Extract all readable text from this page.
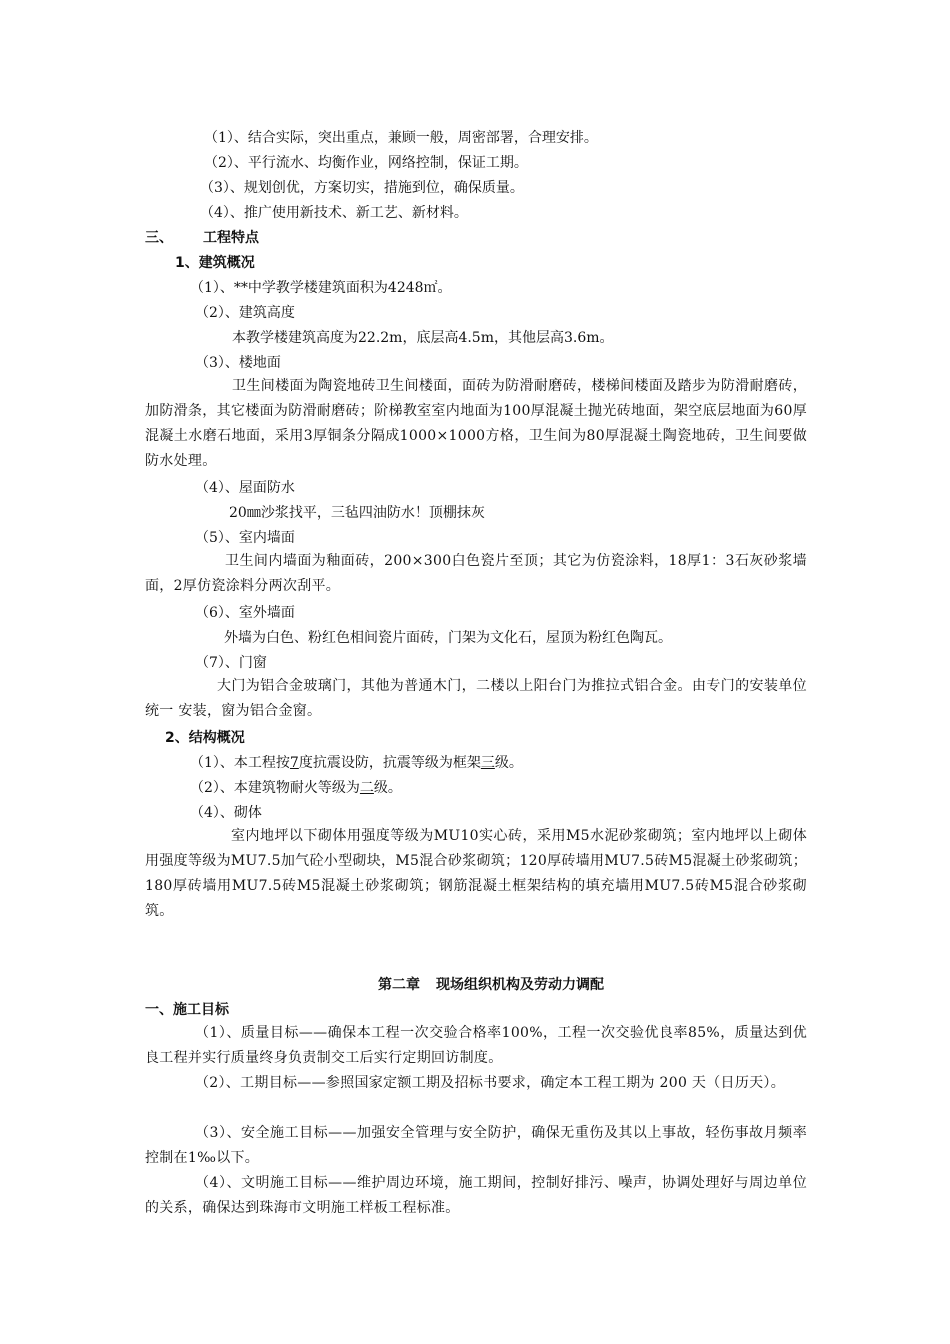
（1）、结合实际，突出重点，兼顾一般，周密部署，合理安排。
（2）、平行流水、均衡作业，网络控制，保证工期。
（3）、规划创优，方案切实，措施到位，确保质量。
（4）、推广使用新技术、新工艺、新材料。
三、 工程特点
1、建筑概况
（1）、**中学教学楼建筑面积为4248㎡。
（2）、建筑高度
本教学楼建筑高度为22.2m，底层高4.5m，其他层高3.6m。
（3）、楼地面
卫生间楼面为陶瓷地砖卫生间楼面，面砖为防滑耐磨砖，楼梯间楼面及踏步为防滑耐磨砖，加防滑条，其它楼面为防滑耐磨砖；阶梯教室室内地面为100厚混凝土抛光砖地面，架空底层地面为60厚混凝土水磨石地面，采用3厚铜条分隔成1000×1000方格，卫生间为80厚混凝土陶瓷地砖，卫生间要做防水处理。
（4）、屋面防水
20㎜沙浆找平，三毡四油防水！顶棚抹灰
（5）、室内墙面
卫生间内墙面为釉面砖，200×300白色瓷片至顶；其它为仿瓷涂料，18厚1：3石灰砂浆墙面，2厚仿瓷涂料分两次刮平。
（6）、室外墙面
外墙为白色、粉红色相间瓷片面砖，门架为文化石，屋顶为粉红色陶瓦。
（7）、门窗
大门为铝合金玻璃门，其他为普通木门，二楼以上阳台门为推拉式铝合金。由专门的安装单位统一 安装，窗为铝合金窗。
2、结构概况
（1）、本工程按7度抗震设防，抗震等级为框架三级。
（2）、本建筑物耐火等级为二级。
（4）、砌体
室内地坪以下砌体用强度等级为MU10实心砖，采用M5水泥砂浆砌筑；室内地坪以上砌体用强度等级为MU7.5加气砼小型砌块，M5混合砂浆砌筑；120厚砖墙用MU7.5砖M5混凝土砂浆砌筑；180厚砖墙用MU7.5砖M5混凝土砂浆砌筑；钢筋混凝土框架结构的填充墙用MU7.5砖M5混合砂浆砌筑。
第二章 现场组织机构及劳动力调配
一、施工目标
（1）、质量目标——确保本工程一次交验合格率100%，工程一次交验优良率85%，质量达到优良工程并实行质量终身负责制交工后实行定期回访制度。
（2）、工期目标——参照国家定额工期及招标书要求，确定本工程工期为 200 天（日历天）。
（3）、安全施工目标——加强安全管理与安全防护，确保无重伤及其以上事故，轻伤事故月频率控制在1‰以下。
（4）、文明施工目标——维护周边环境，施工期间，控制好排污、噪声，协调处理好与周边单位的关系，确保达到珠海市文明施工样板工程标准。
